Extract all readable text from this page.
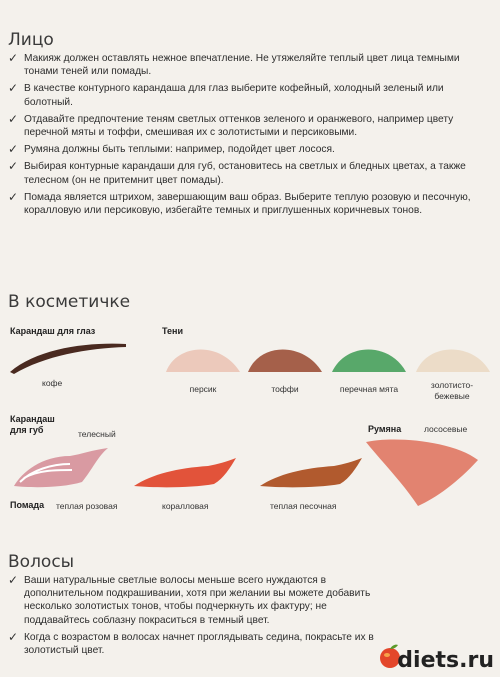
Лицо
✓ Макияж должен оставлять нежное впечатление. Не утяжеляйте теплый цвет лица темными тонами теней или помады.
✓ В качестве контурного карандаша для глаз выберите кофейный, холодный зеленый или болотный.
✓ Отдавайте предпочтение теням светлых оттенков зеленого и оранжевого, например цвету перечной мяты и тоффи, смешивая их с золотистыми и персиковыми.
✓ Румяна должны быть теплыми: например, подойдет цвет лосося.
✓ Выбирая контурные карандаши для губ, остановитесь на светлых и бледных цветах, а также телесном (он не притемнит цвет помады).
✓ Помада является штрихом, завершающим ваш образ. Выберите теплую розовую и песочную, коралловую или персиковую, избегайте темных и приглушенных коричневых тонов.
В косметичке
Карандаш для глаз
кофе
Тени
персик	тоффи	перечная мята	золотисто-бежевые
Карандаш для губ	телесный
Помада теплая розовая	коралловая	теплая песочная
Румяна	лососевые
Волосы
✓ Ваши натуральные светлые волосы меньше всего нуждаются в дополнительном подкрашивании, хотя при желании вы можете добавить несколько золотистых тонов, чтобы подчеркнуть их фактуру; не поддавайтесь соблазну покраситься в темный цвет.
✓ Когда с возрастом в волосах начнет проглядывать седина, покрасьте их в золотистый цвет.	diets.ru
